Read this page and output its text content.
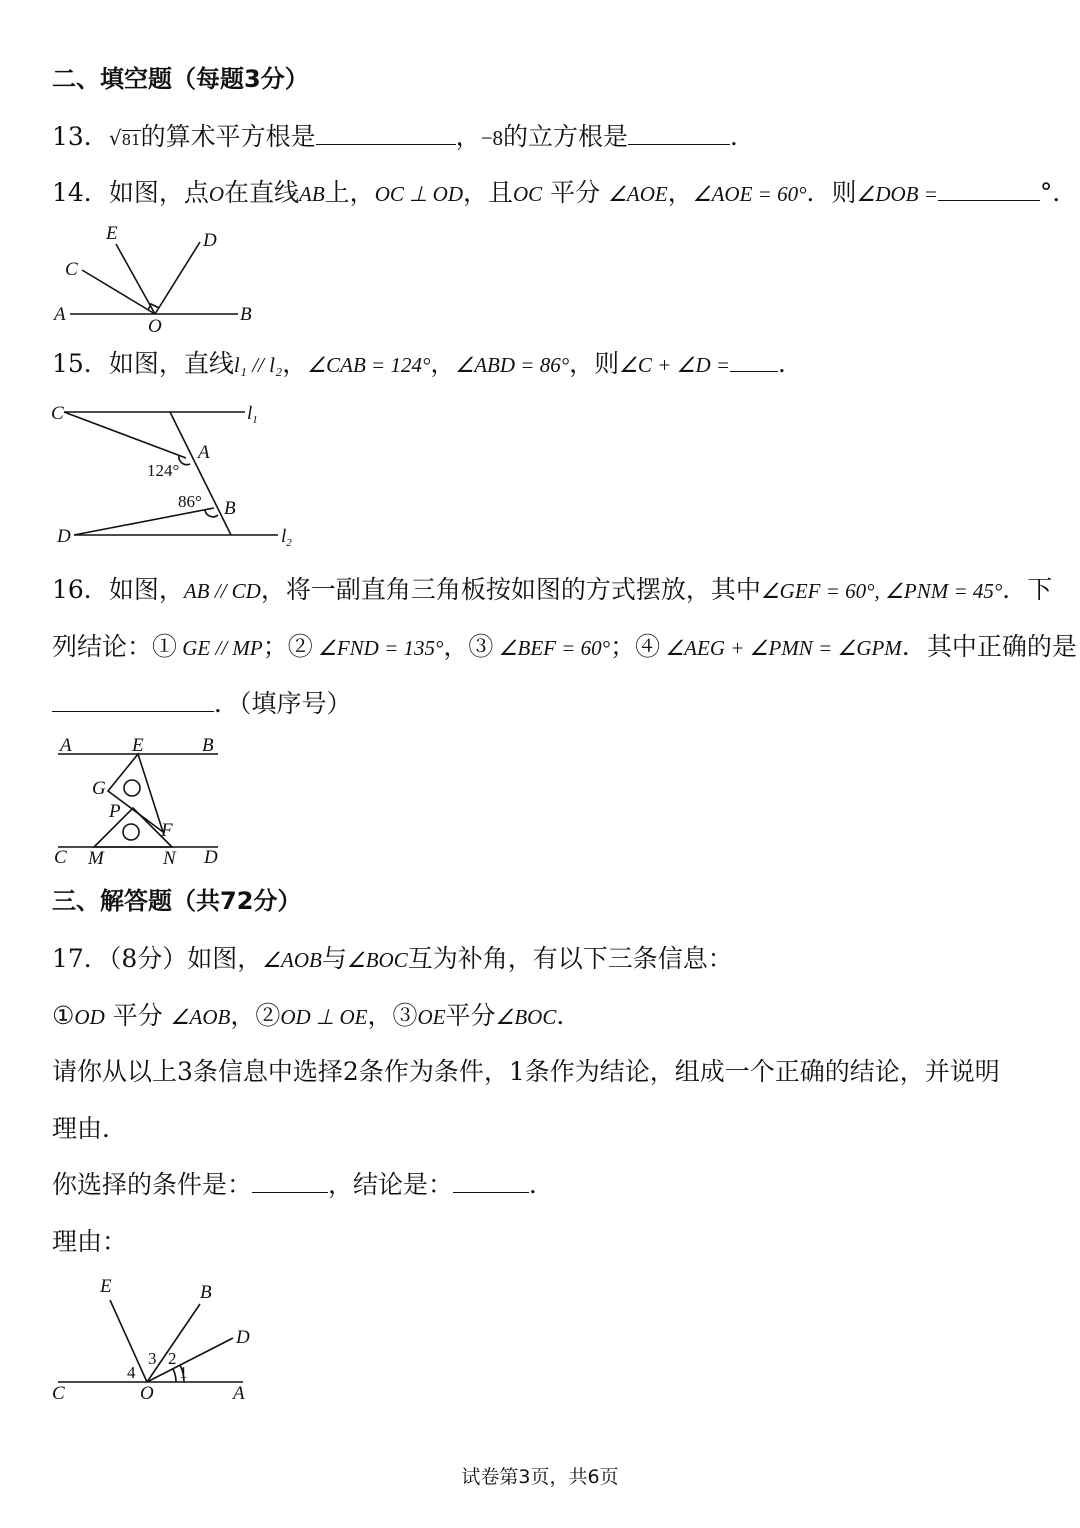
二、填空题（每题3分）
13．√81的算术平方根是	，−8的立方根是	．
14．如图，点O在直线AB上，OC ⊥ OD，且OC 平分 ∠AOE，∠AOE = 60°．则∠DOB =	°．
E	D
C
A	B
O
15．如图，直线l₁ // l₂，∠CAB = 124°，∠ABD = 86°，则∠C + ∠D = ．
C	$l_1$
A
124°
86° B
D	$l_2$
16．如图，AB // CD，将一副直角三角板按如图的方式摆放，其中∠GEF = 60°, ∠PNM = 45°．下
列结论：① GE // MP；② ∠FND = 135°，③ ∠BEF = 60°；④ ∠AEG + ∠PMN = ∠GPM．其中正确的是
．（填序号）
A	E	B
G
P
F
C M	N D
三、解答题（共72分）
17．（8分）如图，∠AOB与∠BOC互为补角，有以下三条信息：
①OD 平分 ∠AOB，②OD ⊥ OE，③OE平分∠BOC．
请你从以上3条信息中选择2条作为条件，1条作为结论，组成一个正确的结论，并说明
理由．
你选择的条件是：	，结论是：	．
理由：
E	B
D
C	O	A
4
3 2
1
试卷第3页，共6页
